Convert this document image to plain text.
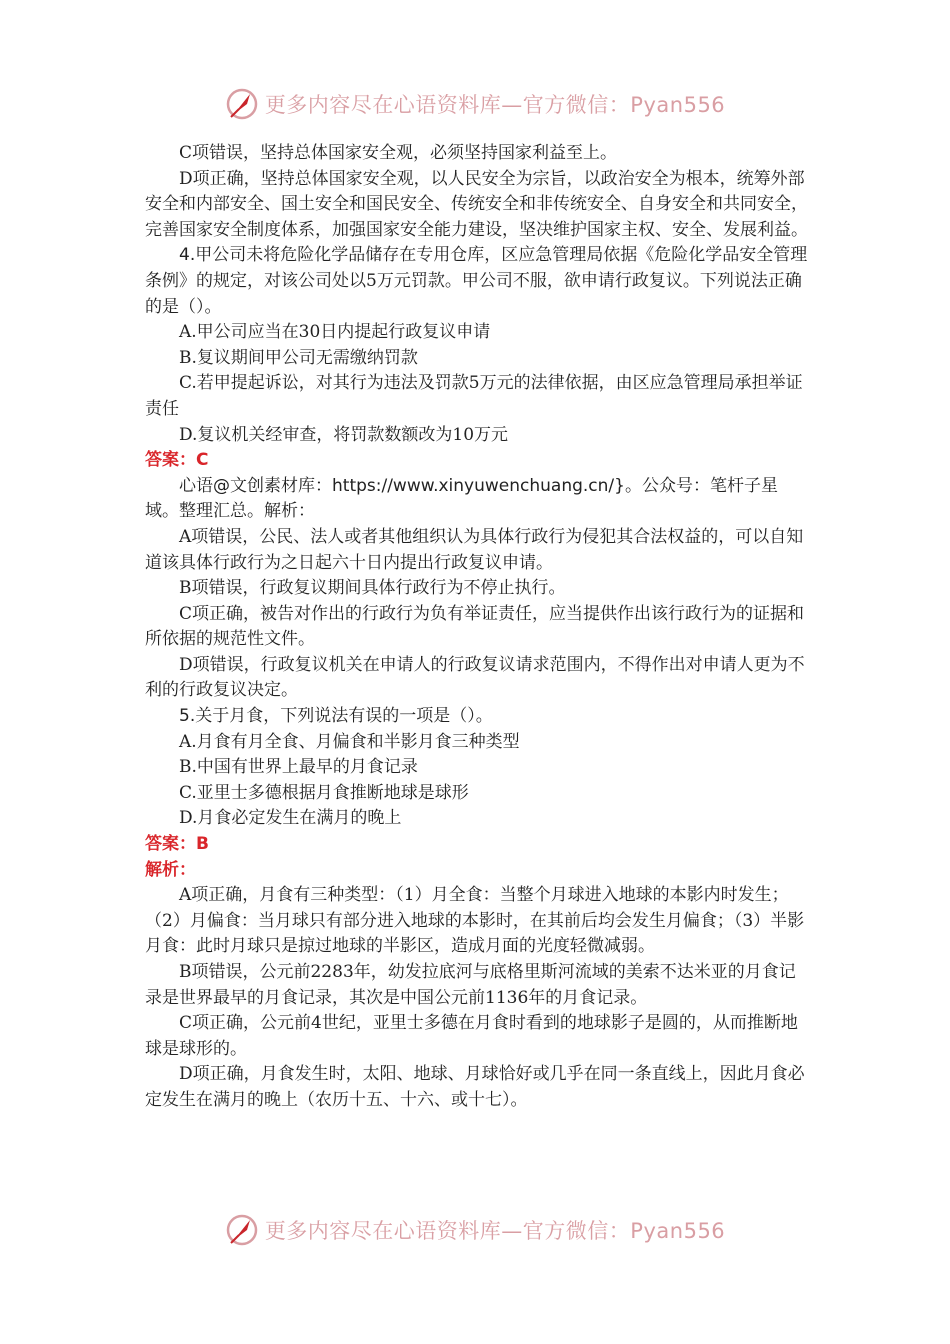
更多内容尽在心语资料库—官方微信：Pyan556

C项错误，坚持总体国家安全观，必须坚持国家利益至上。

D项正确，坚持总体国家安全观，以人民安全为宗旨，以政治安全为根本，统筹外部安全和内部安全、国土安全和国民安全、传统安全和非传统安全、自身安全和共同安全，完善国家安全制度体系，加强国家安全能力建设，坚决维护国家主权、安全、发展利益。

4.甲公司未将危险化学品储存在专用仓库，区应急管理局依据《危险化学品安全管理条例》的规定，对该公司处以5万元罚款。甲公司不服，欲申请行政复议。下列说法正确的是（）。

A.甲公司应当在30日内提起行政复议申请

B.复议期间甲公司无需缴纳罚款

C.若甲提起诉讼，对其行为违法及罚款5万元的法律依据，由区应急管理局承担举证责任

D.复议机关经审查，将罚款数额改为10万元

答案：C

心语@文创素材库：https://www.xinyuwenchuang.cn/}。公众号：笔杆子星域。整理汇总。解析：

A项错误，公民、法人或者其他组织认为具体行政行为侵犯其合法权益的，可以自知道该具体行政行为之日起六十日内提出行政复议申请。

B项错误，行政复议期间具体行政行为不停止执行。

C项正确，被告对作出的行政行为负有举证责任，应当提供作出该行政行为的证据和所依据的规范性文件。

D项错误，行政复议机关在申请人的行政复议请求范围内，不得作出对申请人更为不利的行政复议决定。

5.关于月食，下列说法有误的一项是（）。

A.月食有月全食、月偏食和半影月食三种类型

B.中国有世界上最早的月食记录

C.亚里士多德根据月食推断地球是球形

D.月食必定发生在满月的晚上

答案：B

解析：

A项正确，月食有三种类型：（1）月全食：当整个月球进入地球的本影内时发生；（2）月偏食：当月球只有部分进入地球的本影时，在其前后均会发生月偏食；（3）半影月食：此时月球只是掠过地球的半影区，造成月面的光度轻微减弱。

B项错误，公元前2283年，幼发拉底河与底格里斯河流域的美索不达米亚的月食记录是世界最早的月食记录，其次是中国公元前1136年的月食记录。

C项正确，公元前4世纪，亚里士多德在月食时看到的地球影子是圆的，从而推断地球是球形的。

D项正确，月食发生时，太阳、地球、月球恰好或几乎在同一条直线上，因此月食必定发生在满月的晚上（农历十五、十六、或十七）。

更多内容尽在心语资料库—官方微信：Pyan556
